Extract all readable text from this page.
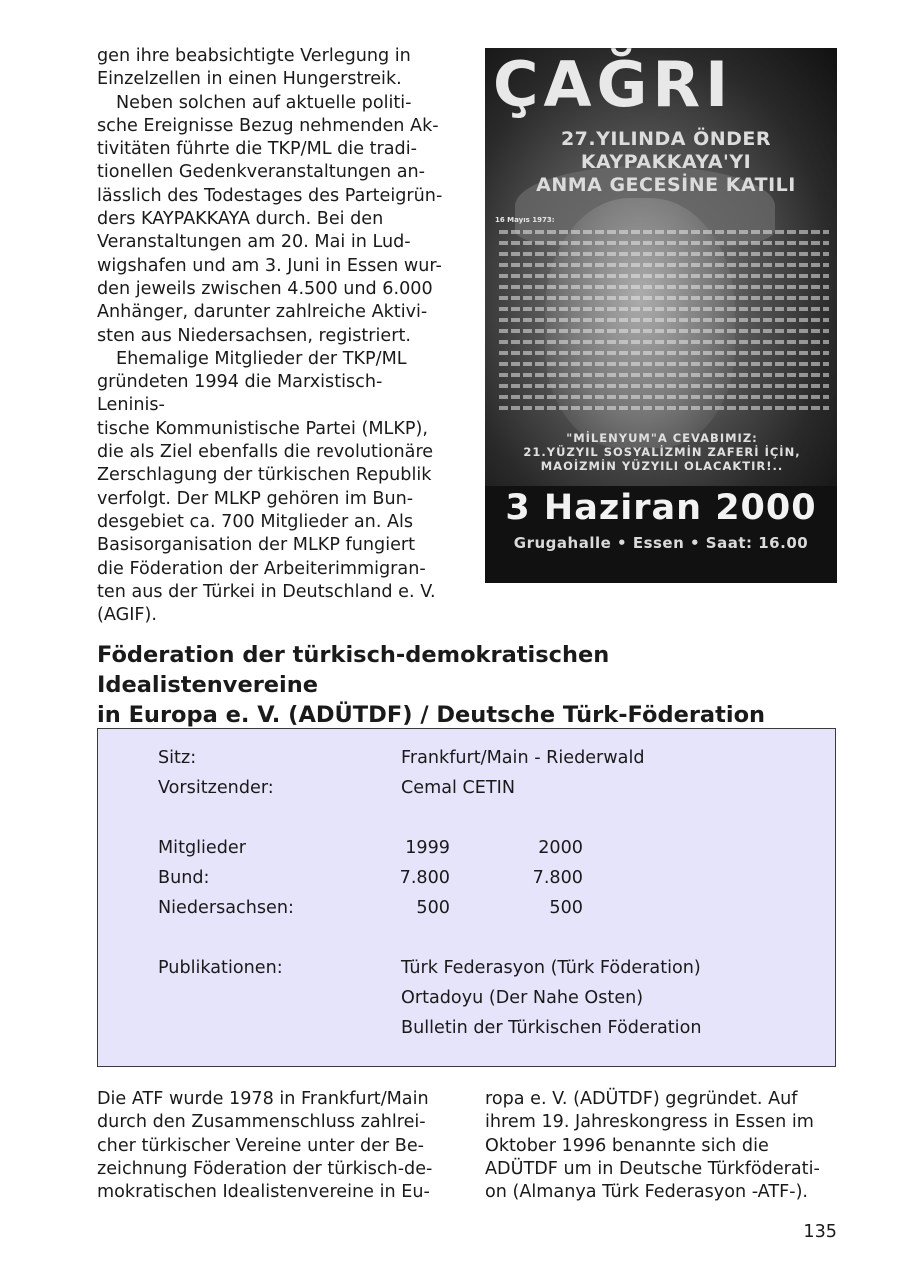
gen ihre beabsichtigte Verlegung in
Einzelzellen in einen Hungerstreik.

Neben solchen auf aktuelle politi-
sche Ereignisse Bezug nehmenden Ak-
tivitäten führte die TKP/ML die tradi-
tionellen Gedenkveranstaltungen an-
lässlich des Todestages des Parteigrün-
ders KAYPAKKAYA durch. Bei den
Veranstaltungen am 20. Mai in Lud-
wigshafen und am 3. Juni in Essen wur-
den jeweils zwischen 4.500 und 6.000
Anhänger, darunter zahlreiche Aktivi-
sten aus Niedersachsen, registriert.

Ehemalige Mitglieder der TKP/ML
gründeten 1994 die Marxistisch-Leninis-
tische Kommunistische Partei (MLKP),
die als Ziel ebenfalls die revolutionäre
Zerschlagung der türkischen Republik
verfolgt. Der MLKP gehören im Bun-
desgebiet ca. 700 Mitglieder an. Als
Basisorganisation der MLKP fungiert
die Föderation der Arbeiterimmigran-
ten aus der Türkei in Deutschland e. V.
(AGIF).

ÇAĞRI
27.YILINDA ÖNDER
KAYPAKKAYA'YI
ANMA GECESİNE KATILI
16 Mayıs 1973:
"MİLENYUM"A CEVABIMIZ:
21.YÜZYIL SOSYALİZMİN ZAFERİ İÇİN,
MAOİZMİN YÜZYILI OLACAKTIR!..
3 Haziran 2000
Grugahalle • Essen • Saat: 16.00
Föderation der türkisch-demokratischen Idealistenvereine
in Europa e. V. (ADÜTDF) / Deutsche Türk-Föderation
Sitz:	Frankfurt/Main - Riederwald
Vorsitzender:	Cemal CETIN
Mitglieder	1999	2000
Bund:	7.800	7.800
Niedersachsen:	500	500
Publikationen:	Türk Federasyon (Türk Föderation)
Ortadoyu (Der Nahe Osten)
Bulletin der Türkischen Föderation

Die ATF wurde 1978 in Frankfurt/Main
durch den Zusammenschluss zahlrei-
cher türkischer Vereine unter der Be-
zeichnung Föderation der türkisch-de-
mokratischen Idealistenvereine in Eu-

ropa e. V. (ADÜTDF) gegründet. Auf
ihrem 19. Jahreskongress in Essen im
Oktober 1996 benannte sich die
ADÜTDF um in Deutsche Türkföderati-
on (Almanya Türk Federasyon -ATF-).

135
